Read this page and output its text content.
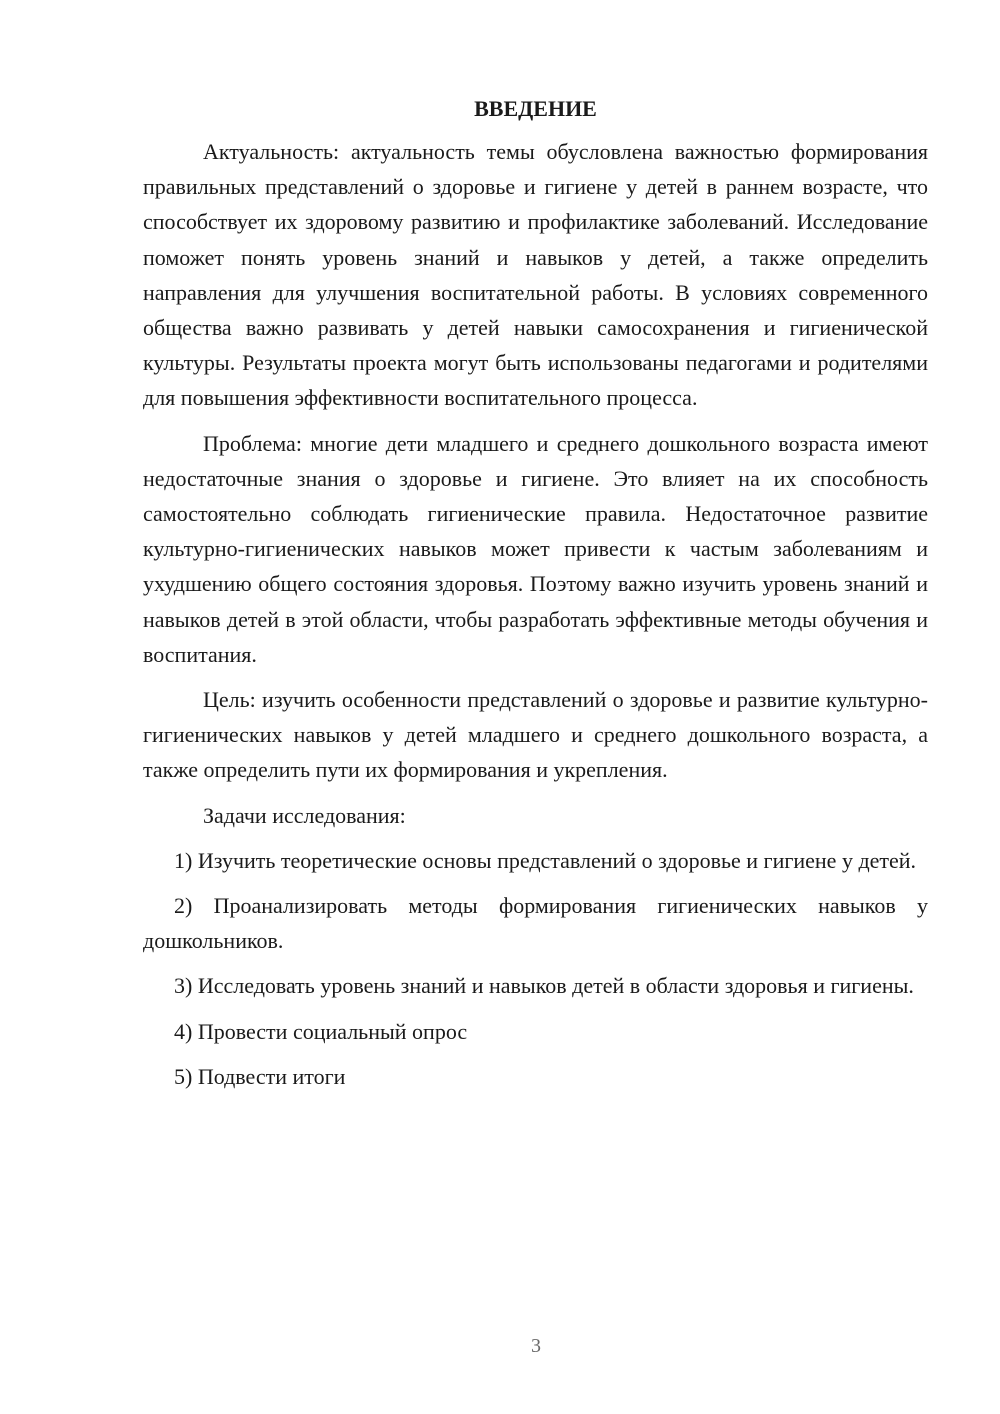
ВВЕДЕНИЕ

Актуальность: актуальность темы обусловлена важностью формирования правильных представлений о здоровье и гигиене у детей в раннем возрасте, что способствует их здоровому развитию и профилактике заболеваний. Исследование поможет понять уровень знаний и навыков у детей, а также определить направления для улучшения воспитательной работы. В условиях современного общества важно развивать у детей навыки самосохранения и гигиенической культуры. Результаты проекта могут быть использованы педагогами и родителями для повышения эффективности воспитательного процесса.

Проблема: многие дети младшего и среднего дошкольного возраста имеют недостаточные знания о здоровье и гигиене. Это влияет на их способность самостоятельно соблюдать гигиенические правила. Недостаточное развитие культурно-гигиенических навыков может привести к частым заболеваниям и ухудшению общего состояния здоровья. Поэтому важно изучить уровень знаний и навыков детей в этой области, чтобы разработать эффективные методы обучения и воспитания.

Цель: изучить особенности представлений о здоровье и развитие культурно-гигиенических навыков у детей младшего и среднего дошкольного возраста, а также определить пути их формирования и укрепления.

Задачи исследования:

1) Изучить теоретические основы представлений о здоровье и гигиене у детей.

2) Проанализировать методы формирования гигиенических навыков у дошкольников.

3) Исследовать уровень знаний и навыков детей в области здоровья и гигиены.

4) Провести социальный опрос

5) Подвести итоги

3
